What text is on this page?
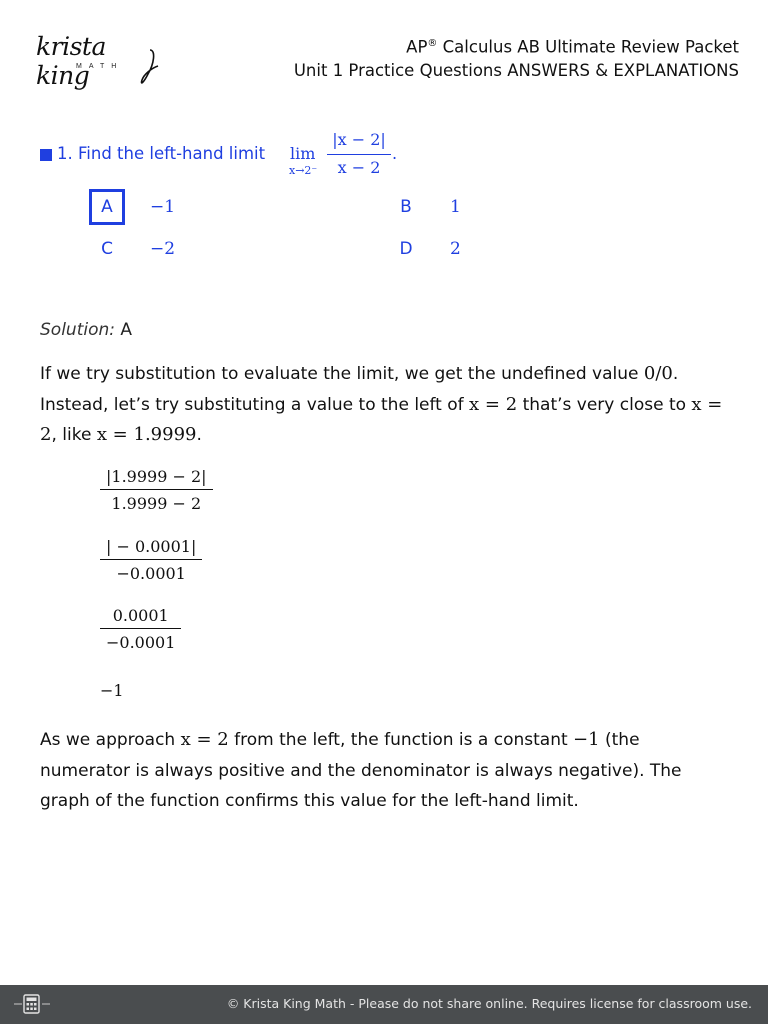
krista king
MATH
AP® Calculus AB Ultimate Review Packet
Unit 1 Practice Questions ANSWERS & EXPLANATIONS
1. Find the left-hand limit lim
x→2⁻
|x − 2|
x − 2
.
A	−1	B	1
C	−2	D	2
Solution: A
If we try substitution to evaluate the limit, we get the undefined value 0/0. Instead, let’s try substituting a value to the left of x = 2 that’s very close to x = 2, like x = 1.9999.
|1.9999 − 2|
1.9999 − 2
| − 0.0001|
−0.0001
0.0001
−0.0001
−1
As we approach x = 2 from the left, the function is a constant −1 (the numerator is always positive and the denominator is always negative). The graph of the function confirms this value for the left-hand limit.
© Krista King Math - Please do not share online. Requires license for classroom use.
